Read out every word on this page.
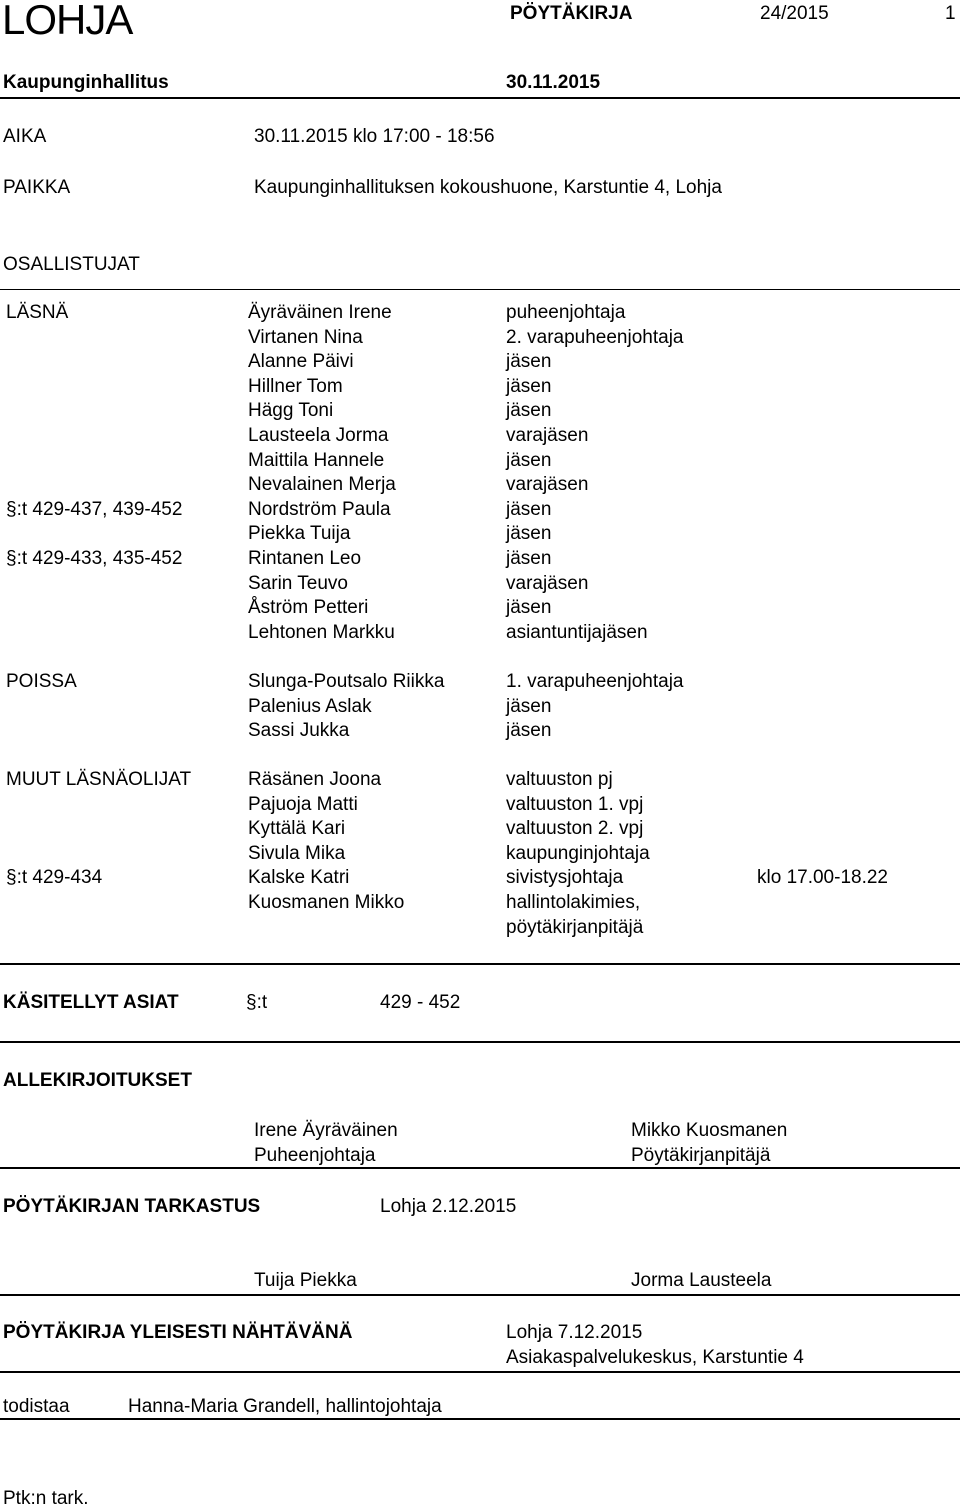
LOHJA	PÖYTÄKIRJA	24/2015	1
Kaupunginhallitus	30.11.2015
AIKA	30.11.2015 klo 17:00 - 18:56
PAIKKA	Kaupunginhallituksen kokoushuone, Karstuntie 4, Lohja
OSALLISTUJAT
LÄSNÄ	Äyräväinen Irene	puheenjohtaja
Virtanen Nina	2. varapuheenjohtaja
Alanne Päivi	jäsen
Hillner Tom	jäsen
Hägg Toni	jäsen
Lausteela Jorma	varajäsen
Maittila Hannele	jäsen
Nevalainen Merja	varajäsen
§:t 429-437, 439-452	Nordström Paula	jäsen
Piekka Tuija	jäsen
§:t 429-433, 435-452	Rintanen Leo	jäsen
Sarin Teuvo	varajäsen
Åström Petteri	jäsen
Lehtonen Markku	asiantuntijajäsen
POISSA	Slunga-Poutsalo Riikka	1. varapuheenjohtaja
Palenius Aslak	jäsen
Sassi Jukka	jäsen
MUUT LÄSNÄOLIJAT	Räsänen Joona	valtuuston pj
Pajuoja Matti	valtuuston 1. vpj
Kyttälä Kari	valtuuston 2. vpj
Sivula Mika	kaupunginjohtaja
§:t 429-434	Kalske Katri	sivistysjohtaja	klo 17.00-18.22
Kuosmanen Mikko	hallintolakimies,
pöytäkirjanpitäjä
KÄSITELLYT ASIAT	§:t	429 - 452
ALLEKIRJOITUKSET
Irene Äyräväinen
Puheenjohtaja
Mikko Kuosmanen
Pöytäkirjanpitäjä
PÖYTÄKIRJAN TARKASTUS	Lohja 2.12.2015
Tuija Piekka	Jorma Lausteela
PÖYTÄKIRJA YLEISESTI NÄHTÄVÄNÄ	Lohja 7.12.2015
Asiakaspalvelukeskus, Karstuntie 4
todistaa	Hanna-Maria Grandell, hallintojohtaja
Ptk:n tark.
